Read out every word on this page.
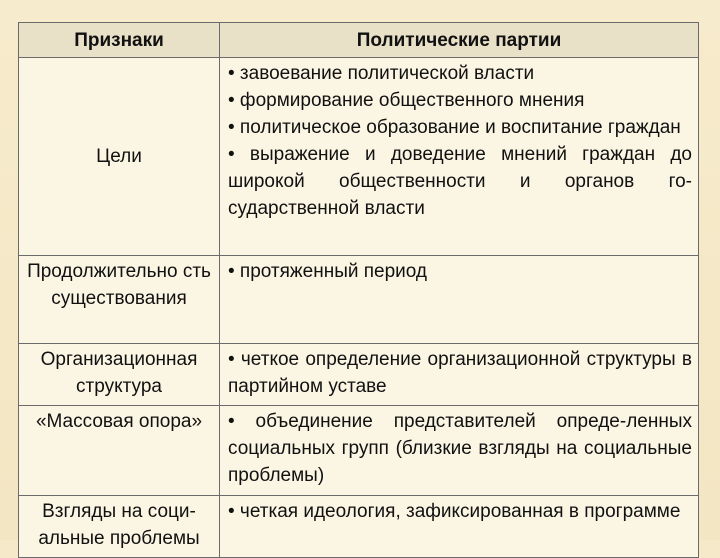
Признаки	Политические партии
Цели	• завоевание политической власти

• формирование общественного мнения

• политическое образование и воспитание граждан

• выражение и доведение мнений граждан до широкой общественности и органов го-сударственной власти

Продолжительно сть существования	• протяженный период

Организационная структура	• четкое определение организационной структуры в партийном уставе

«Массовая опора»	• объединение представителей опреде-ленных социальных групп (близкие взгляды на социальные проблемы)

Взгляды на соци-альные проблемы	• четкая идеология, зафиксированная в программе
